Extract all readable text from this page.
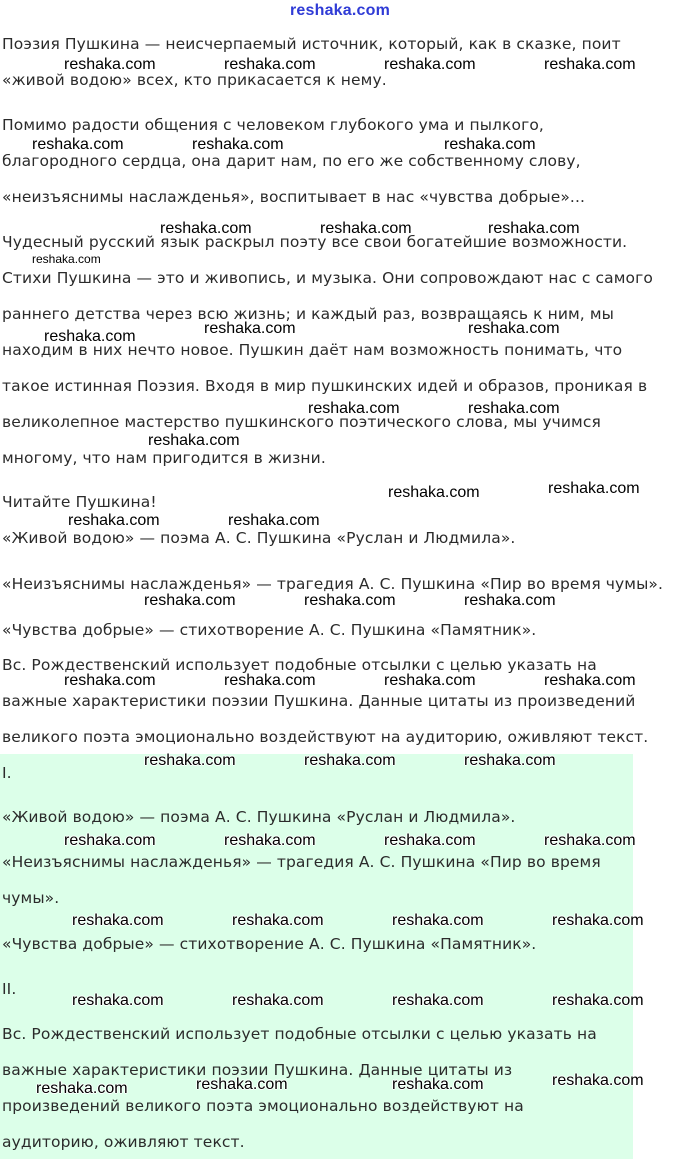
reshaka.com

Поэзия Пушкина — неисчерпаемый источник, который, как в сказке, поит

«живой водою» всех, кто прикасается к нему.

Помимо радости общения с человеком глубокого ума и пылкого,

благородного сердца, она дарит нам, по его же собственному слову,

«неизъяснимы наслажденья», воспитывает в нас «чувства добрые»...

Чудесный русский язык раскрыл поэту все свои богатейшие возможности.

Стихи Пушкина — это и живопись, и музыка. Они сопровождают нас с самого

раннего детства через всю жизнь; и каждый раз, возвращаясь к ним, мы

находим в них нечто новое. Пушкин даёт нам возможность понимать, что

такое истинная Поэзия. Входя в мир пушкинских идей и образов, проникая в

великолепное мастерство пушкинского поэтического слова, мы учимся

многому, что нам пригодится в жизни.

Читайте Пушкина!

«Живой водою» — поэма А. С. Пушкина «Руслан и Людмила».

«Неизъяснимы наслажденья» — трагедия А. С. Пушкина «Пир во время чумы».

«Чувства добрые» — стихотворение А. С. Пушкина «Памятник».

Вс. Рождественский использует подобные отсылки с целью указать на

важные характеристики поэзии Пушкина. Данные цитаты из произведений

великого поэта эмоционально воздействуют на аудиторию, оживляют текст.

I.

«Живой водою» — поэма А. С. Пушкина «Руслан и Людмила».

«Неизъяснимы наслажденья» — трагедия А. С. Пушкина «Пир во время

чумы».

«Чувства добрые» — стихотворение А. С. Пушкина «Памятник».

II.

Вс. Рождественский использует подобные отсылки с целью указать на

важные характеристики поэзии Пушкина. Данные цитаты из

произведений великого поэта эмоционально воздействуют на

аудиторию, оживляют текст.

reshaka.com	reshaka.com	reshaka.com	reshaka.com
reshaka.com	reshaka.com	reshaka.com
reshaka.com	reshaka.com	reshaka.com
reshaka.com
reshaka.com	reshaka.com	reshaka.com
reshaka.com	reshaka.com
reshaka.com
reshaka.com	reshaka.com
reshaka.com	reshaka.com
reshaka.com	reshaka.com	reshaka.com
reshaka.com	reshaka.com	reshaka.com	reshaka.com
reshaka.com	reshaka.com	reshaka.com
reshaka.com	reshaka.com	reshaka.com	reshaka.com
reshaka.com	reshaka.com	reshaka.com	reshaka.com
reshaka.com	reshaka.com	reshaka.com	reshaka.com
reshaka.com	reshaka.com	reshaka.com	reshaka.com
